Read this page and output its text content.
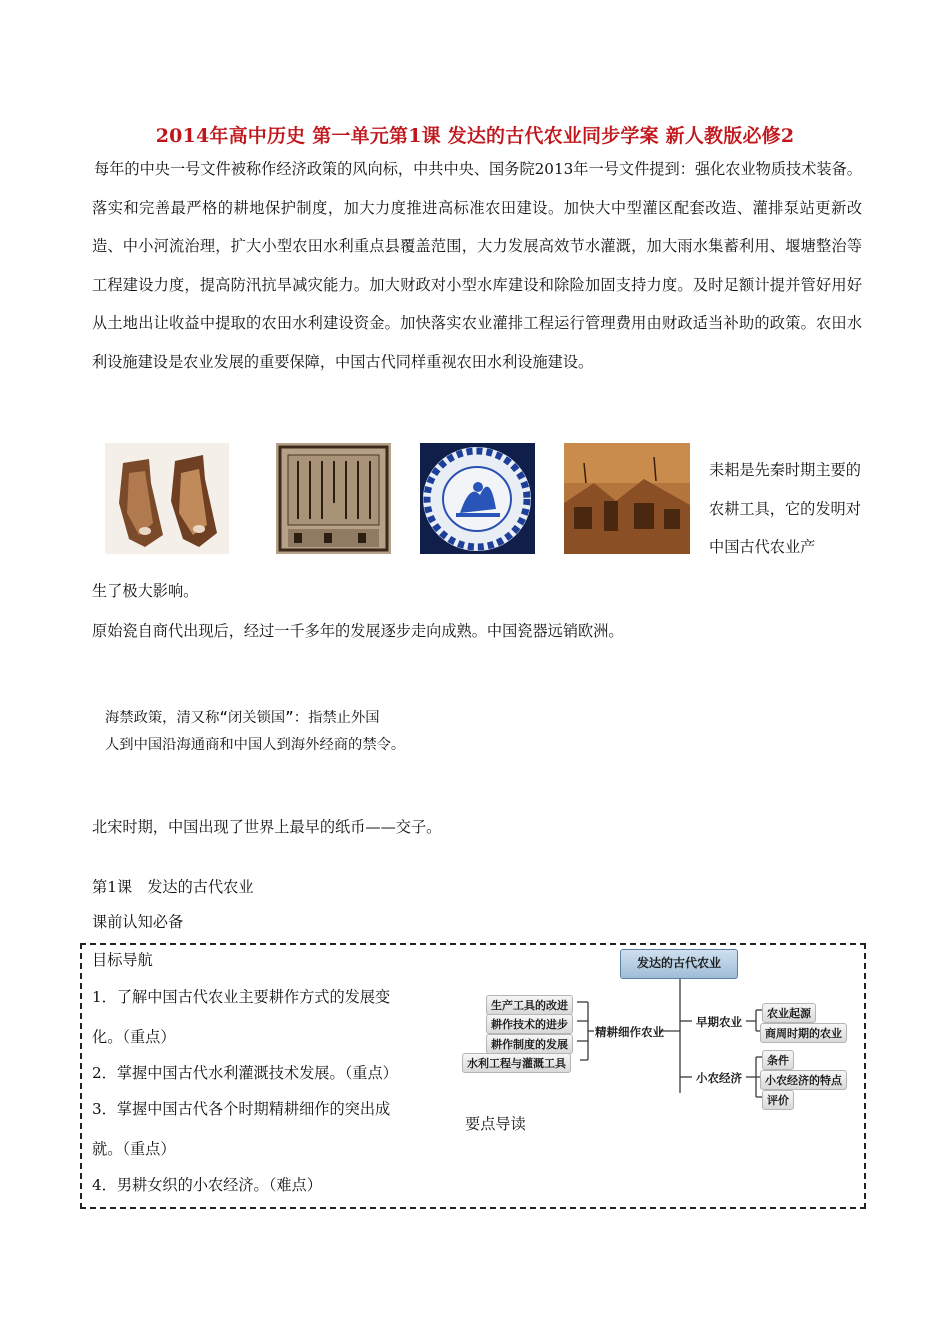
2014年高中历史 第一单元第1课 发达的古代农业同步学案 新人教版必修2
每年的中央一号文件被称作经济政策的风向标，中共中央、国务院2013年一号文件提到：强化农业物质技术装备。落实和完善最严格的耕地保护制度，加大力度推进高标准农田建设。加快大中型灌区配套改造、灌排泵站更新改造、中小河流治理，扩大小型农田水利重点县覆盖范围，大力发展高效节水灌溉，加大雨水集蓄利用、堰塘整治等工程建设力度，提高防汛抗旱减灾能力。加大财政对小型水库建设和除险加固支持力度。及时足额计提并管好用好从土地出让收益中提取的农田水利建设资金。加快落实农业灌排工程运行管理费用由财政适当补助的政策。农田水利设施建设是农业发展的重要保障，中国古代同样重视农田水利设施建设。
耒耜是先秦时期主要的农耕工具，它的发明对中国古代农业产
生了极大影响。
原始瓷自商代出现后，经过一千多年的发展逐步走向成熟。中国瓷器远销欧洲。
海禁政策，清又称“闭关锁国”：指禁止外国
人到中国沿海通商和中国人到海外经商的禁令。
北宋时期，中国出现了世界上最早的纸币——交子。
第1课　发达的古代农业
课前认知必备
目标导航
1．了解中国古代农业主要耕作方式的发展变
化。（重点）
2．掌握中国古代水利灌溉技术发展。（重点）
3．掌握中国古代各个时期精耕细作的突出成
就。（重点）
4．男耕女织的小农经济。（难点）
要点导读
发达的古代农业
生产工具的改进
耕作技术的进步
耕作制度的发展
水利工程与灌溉工具
精耕细作农业
早期农业
农业起源
商周时期的农业
小农经济
条件
小农经济的特点
评价
